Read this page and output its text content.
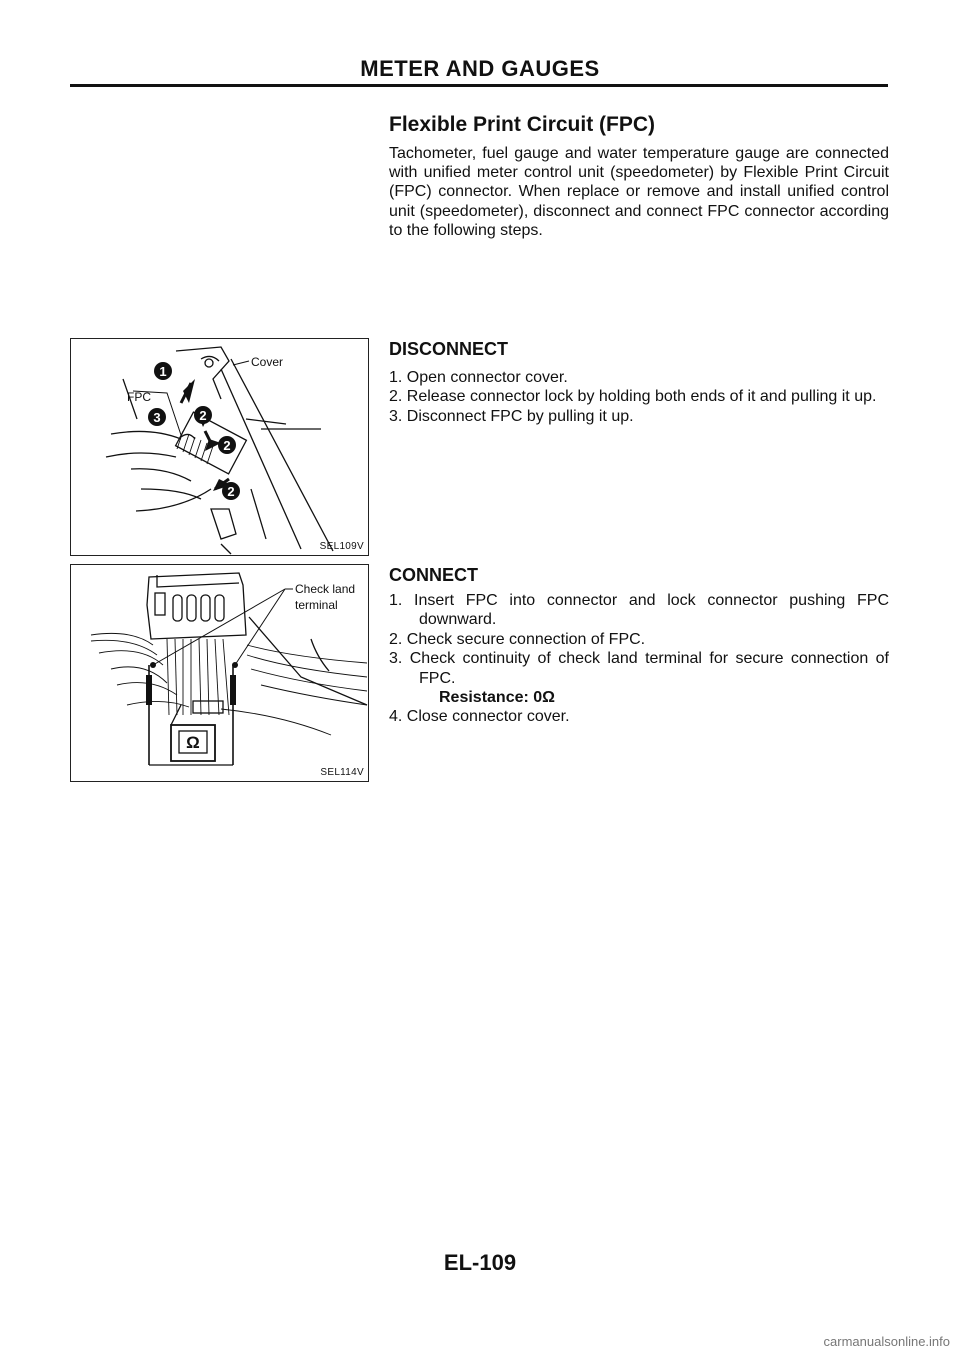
METER AND GAUGES
Flexible Print Circuit (FPC)
Tachometer, fuel gauge and water temperature gauge are connected with unified meter control unit (speedometer) by Flexible Print Circuit (FPC) connector. When replace or remove and install unified control unit (speedometer), disconnect and connect FPC connector according to the following steps.
1
2
2
2
3
Cover
FPC
SEL109V
DISCONNECT
1. Open connector cover.
2. Release connector lock by holding both ends of it and pulling it up.
3. Disconnect FPC by pulling it up.
Ω
Check land
terminal
SEL114V
CONNECT
1. Insert FPC into connector and lock connector pushing FPC downward.
2. Check secure connection of FPC.
3. Check continuity of check land terminal for secure connection of FPC.
Resistance: 0Ω
4. Close connector cover.
EL-109
carmanualsonline.info
